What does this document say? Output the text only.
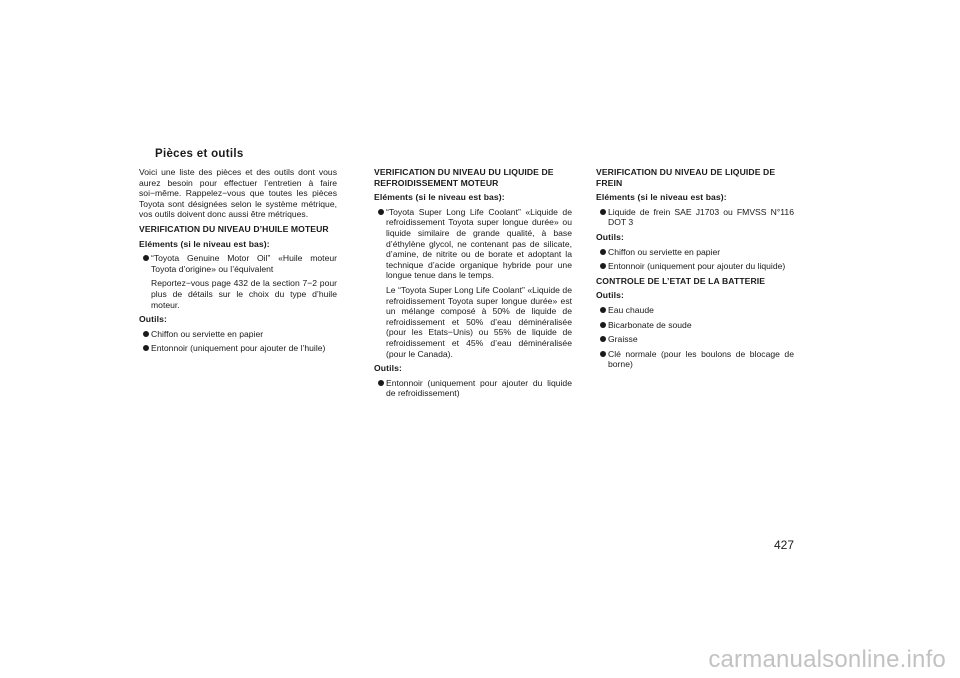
Pièces et outils

Voici une liste des pièces et des outils dont vous aurez besoin pour effectuer l’entretien à faire soi−même. Rappelez−vous que toutes les pièces Toyota sont désignées selon le système métrique, vos outils doivent donc aussi être métriques.

VERIFICATION DU NIVEAU D’HUILE MOTEUR

Eléments (si le niveau est bas):

“Toyota Genuine Motor Oil” «Huile moteur Toyota d’origine» ou l’équivalent

Reportez−vous page 432 de la section 7−2 pour plus de détails sur le choix du type d’huile moteur.

Outils:

Chiffon ou serviette en papier
Entonnoir (uniquement pour ajouter de l’huile)

VERIFICATION DU NIVEAU DU LIQUIDE DE REFROIDISSEMENT MOTEUR

Eléments (si le niveau est bas):

“Toyota Super Long Life Coolant” «Liquide de refroidissement Toyota super longue durée» ou liquide similaire de grande qualité, à base d’éthylène glycol, ne contenant pas de silicate, d’amine, de nitrite ou de borate et adoptant la technique d’acide organique hybride pour une longue tenue dans le temps.

Le “Toyota Super Long Life Coolant” «Liquide de refroidissement Toyota super longue durée» est un mélange composé à 50% de liquide de refroidissement et 50% d’eau déminéralisée (pour les Etats−Unis) ou 55% de liquide de refroidissement et 45% d’eau déminéralisée (pour le Canada).

Outils:

Entonnoir (uniquement pour ajouter du liquide de refroidissement)

VERIFICATION DU NIVEAU DE LIQUIDE DE FREIN

Eléments (si le niveau est bas):

Liquide de frein SAE J1703 ou FMVSS N°116 DOT 3

Outils:

Chiffon ou serviette en papier
Entonnoir (uniquement pour ajouter du liquide)

CONTROLE DE L’ETAT DE LA BATTERIE

Outils:

Eau chaude
Bicarbonate de soude
Graisse
Clé normale (pour les boulons de blocage de borne)
427
carmanualsonline.info
